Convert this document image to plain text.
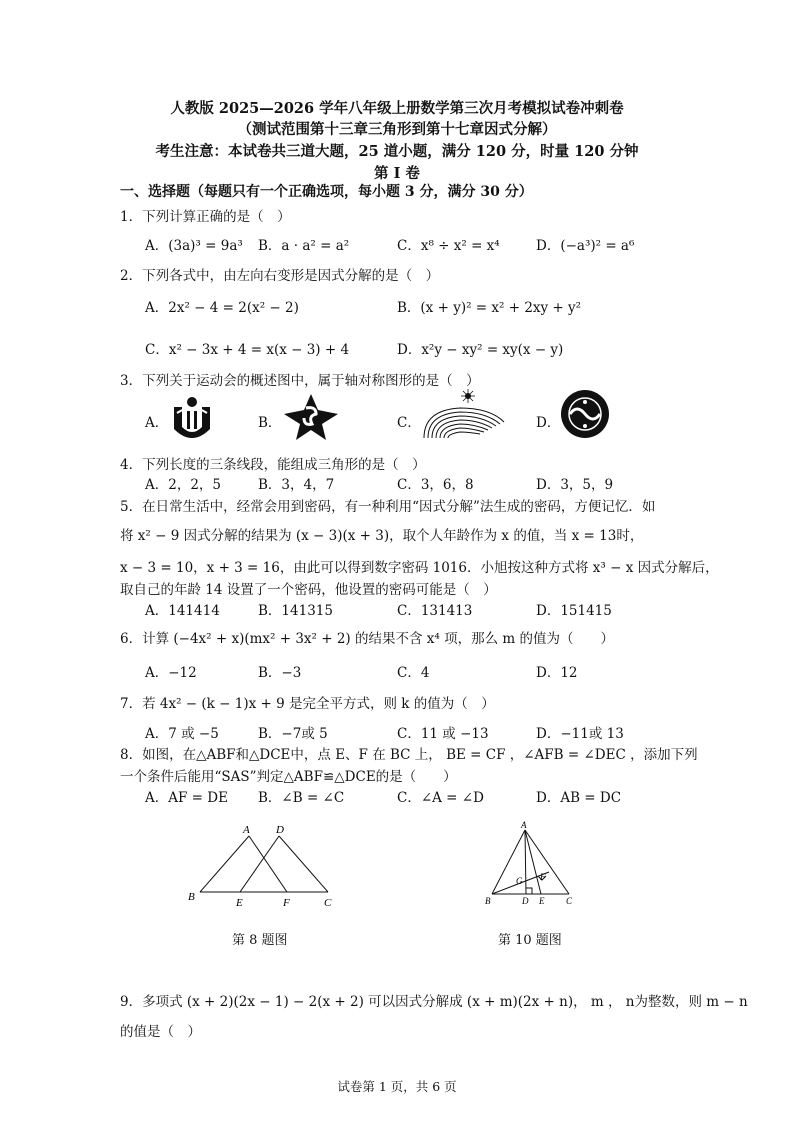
人教版 2025—2026 学年八年级上册数学第三次月考模拟试卷冲刺卷
（测试范围第十三章三角形到第十七章因式分解）
考生注意：本试卷共三道大题，25 道小题，满分 120 分，时量 120 分钟
第 I 卷
一、选择题（每题只有一个正确选项，每小题 3 分，满分 30 分）
1．下列计算正确的是（　）
A．(3a)³ = 9a³ B．a · a² = a²	C．x⁸ ÷ x² = x⁴	D．(−a³)² = a⁶
2．下列各式中，由左向右变形是因式分解的是（　）
A．2x² − 4 = 2(x² − 2)	B．(x + y)² = x² + 2xy + y²
C．x² − 3x + 4 = x(x − 3) + 4	D．x²y − xy² = xy(x − y)
3．下列关于运动会的概述图中，属于轴对称图形的是（　）
A．	B．	C．	D．
4．下列长度的三条线段，能组成三角形的是（　）
A．2，2，5	B．3，4，7	C．3，6，8	D．3，5，9
5．在日常生活中，经常会用到密码，有一种利用“因式分解”法生成的密码，方便记忆．如
将 x² − 9 因式分解的结果为 (x − 3)(x + 3)，取个人年龄作为 x 的值，当 x = 13时，
x − 3 = 10，x + 3 = 16，由此可以得到数字密码 1016．小旭按这种方式将 x³ − x 因式分解后，
取自己的年龄 14 设置了一个密码，他设置的密码可能是（　）
A．141414	B．141315	C．131413	D．151415
6．计算 (−4x² + x)(mx² + 3x² + 2) 的结果不含 x⁴ 项，那么 m 的值为（　　）
A．−12	B．−3	C．4	D．12
7．若 4x² − (k − 1)x + 9 是完全平方式，则 k 的值为（　）
A．7 或 −5	B．−7或 5	C．11 或 −13	D．−11或 13
8．如图，在△ABF和△DCE中，点 E、F 在 BC 上， BE = CF ，∠AFB = ∠DEC ，添加下列
一个条件后能用“SAS”判定△ABF≌△DCE的是（　　）
A．AF = DE B．∠B = ∠C	C．∠A = ∠D	D．AB = DC
A D
B	E	F	C
A
G F
B	D E C
第 8 题图	第 10 题图
9．多项式 (x + 2)(2x − 1) − 2(x + 2) 可以因式分解成 (x + m)(2x + n)， m ， n为整数，则 m − n
的值是（　）
试卷第 1 页，共 6 页
